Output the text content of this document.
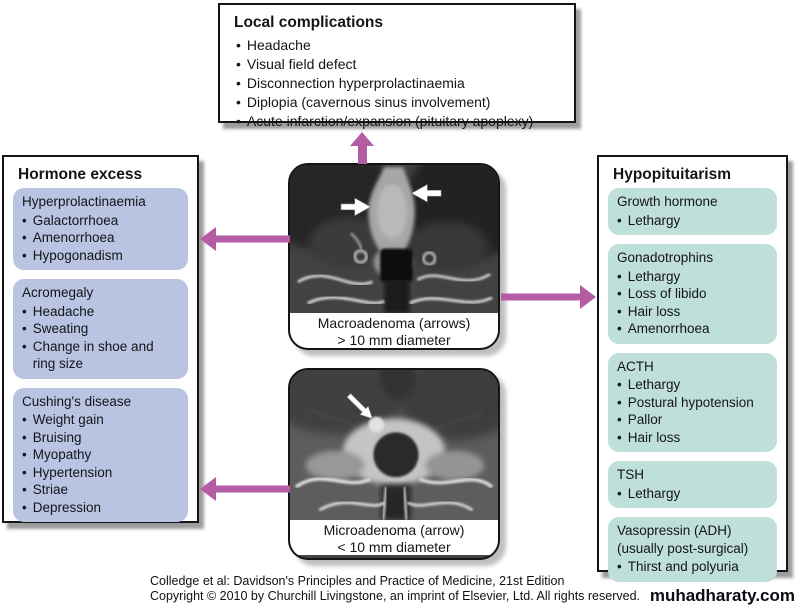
Local complications
• Headache
• Visual field defect
• Disconnection hyperprolactinaemia
• Diplopia (cavernous sinus involvement)
• Acute infarction/expansion (pituitary apoplexy)
Hormone excess
Hyperprolactinaemia
• Galactorrhoea
• Amenorrhoea
• Hypogonadism
Acromegaly
• Headache
• Sweating
• Change in shoe and ring size
Cushing's disease
• Weight gain
• Bruising
• Myopathy
• Hypertension
• Striae
• Depression
Hypopituitarism
Growth hormone
• Lethargy
Gonadotrophins
• Lethargy
• Loss of libido
• Hair loss
• Amenorrhoea
ACTH
• Lethargy
• Postural hypotension
• Pallor
• Hair loss
TSH
• Lethargy
Vasopressin (ADH) (usually post-surgical)
• Thirst and polyuria
Macroadenoma (arrows)
> 10 mm diameter
Microadenoma (arrow)
< 10 mm diameter
Colledge et al: Davidson's Principles and Practice of Medicine, 21st Edition
Copyright © 2010 by Churchill Livingstone, an imprint of Elsevier, Ltd. All rights reserved. muhadharaty.com
